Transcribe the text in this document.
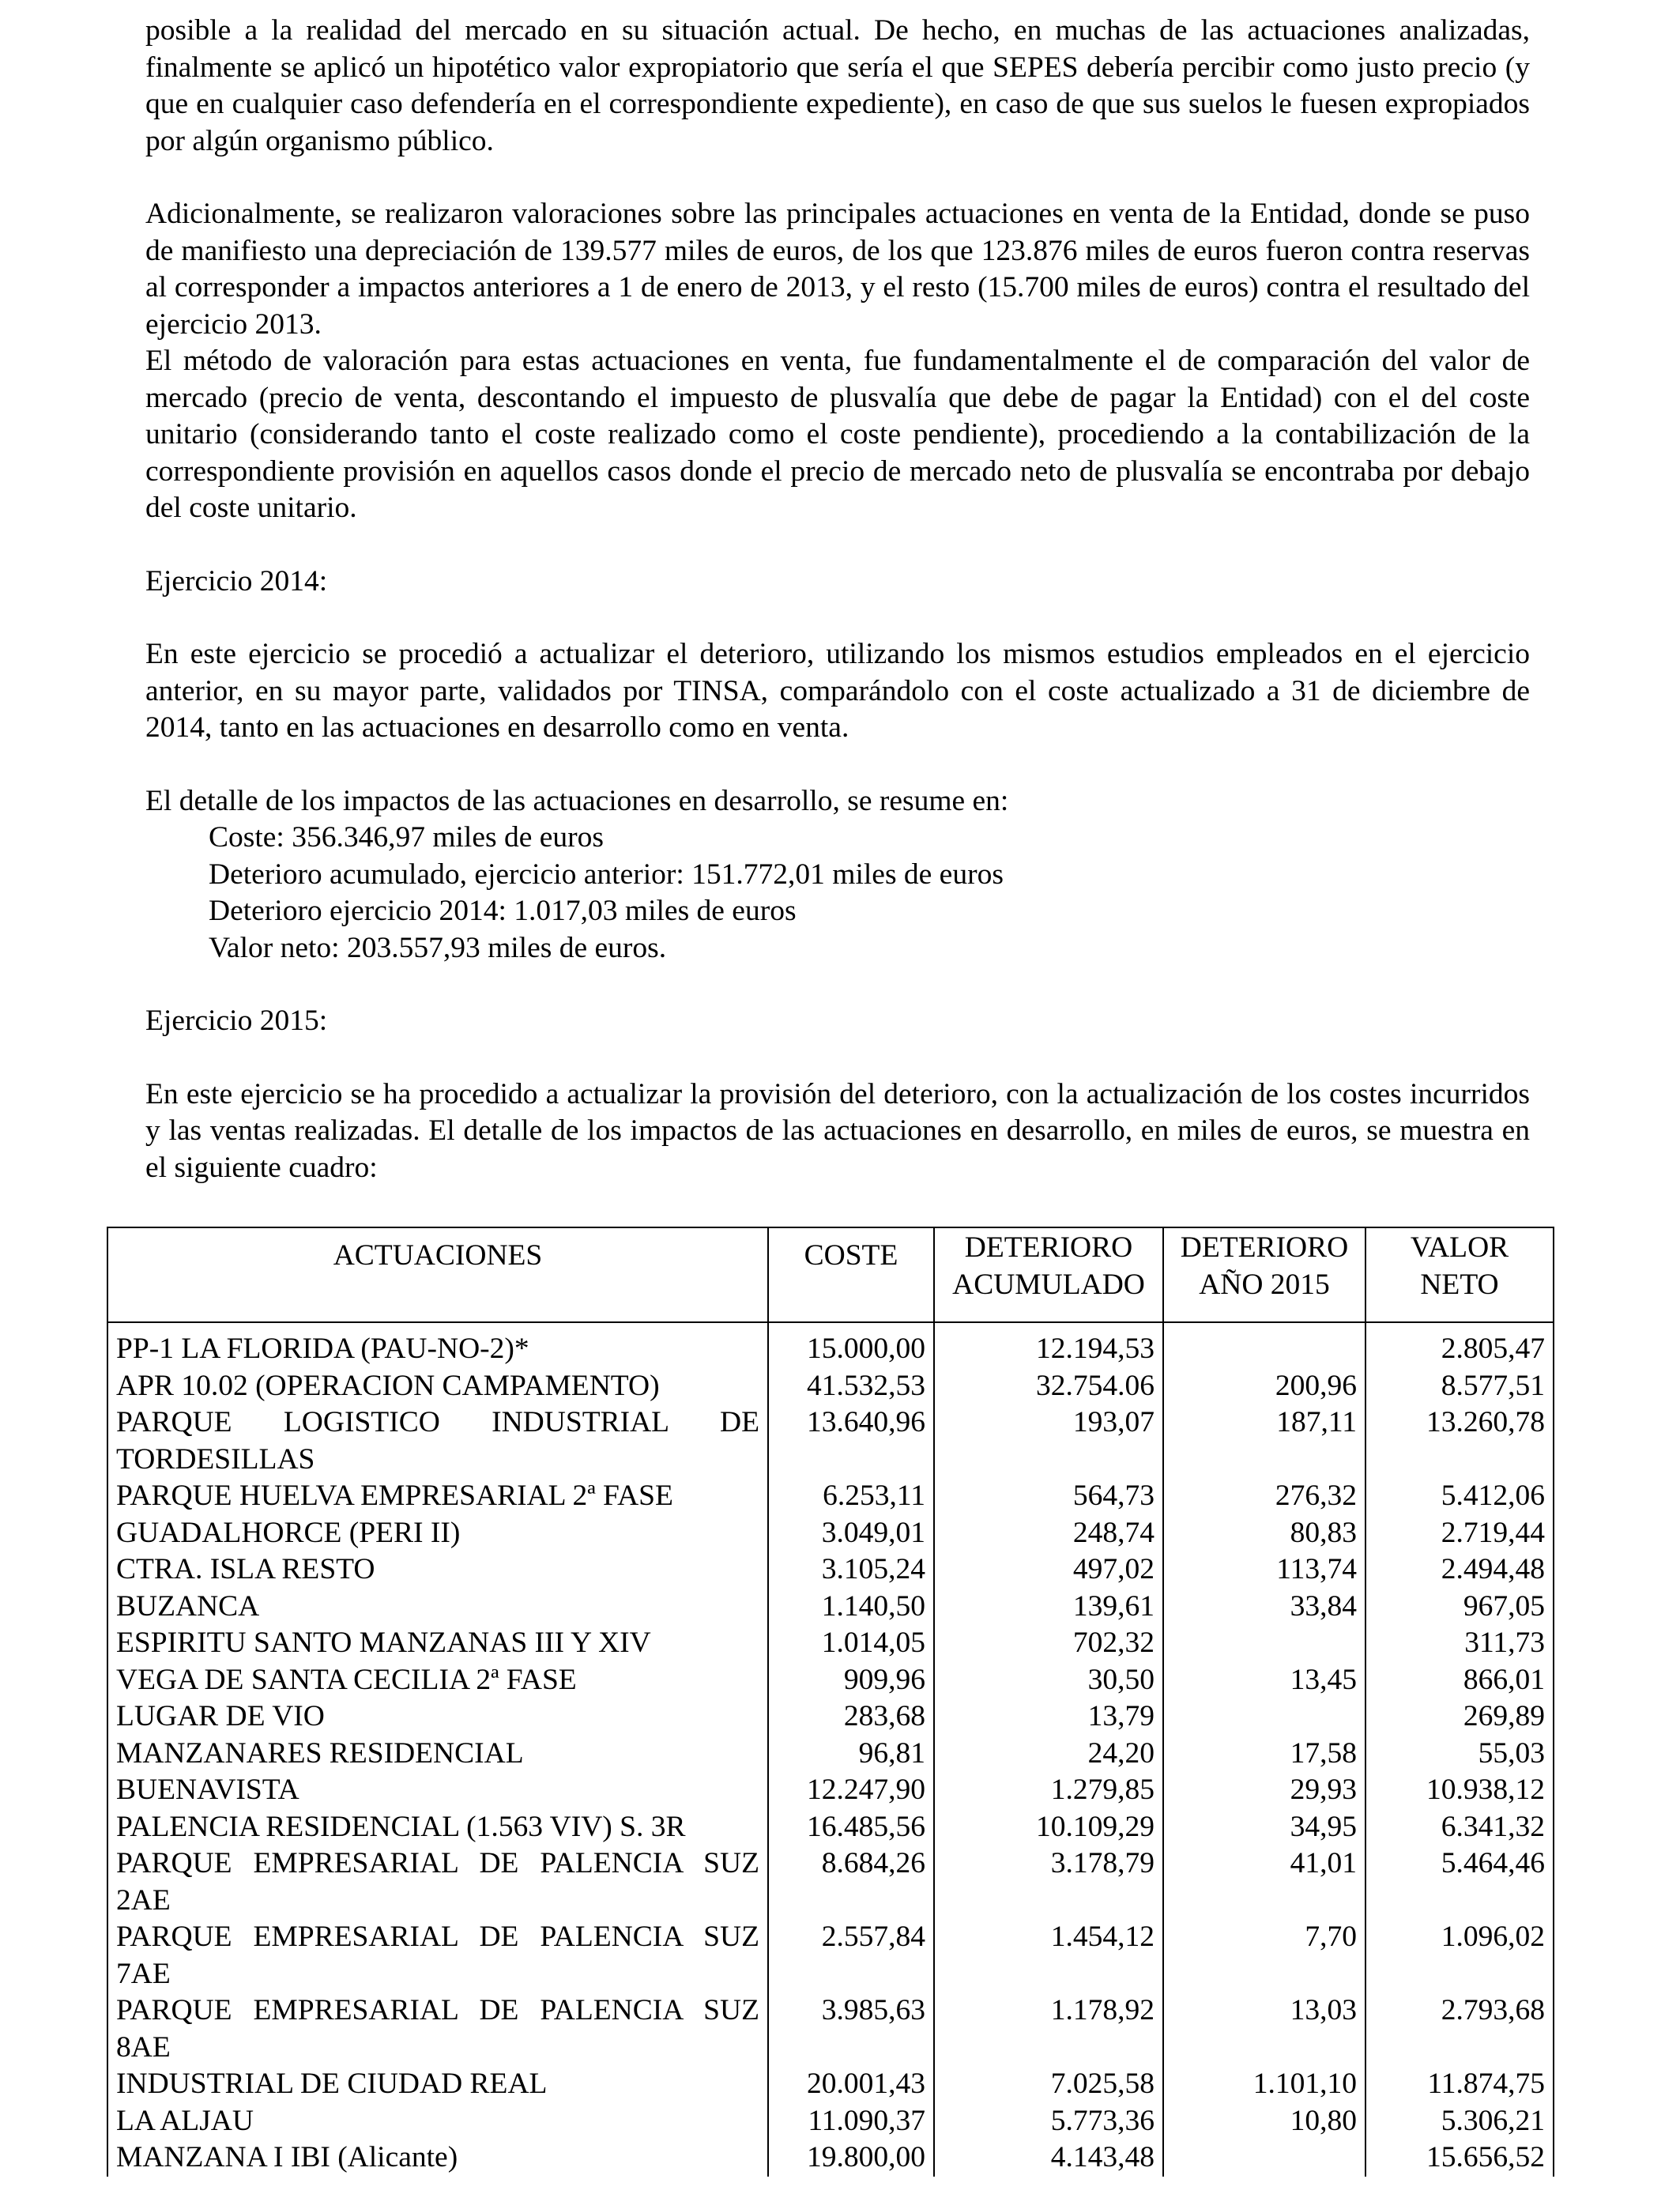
posible a la realidad del mercado en su situación actual. De hecho, en muchas de las actuaciones analizadas, finalmente se aplicó un hipotético valor expropiatorio que sería el que SEPES debería percibir como justo precio (y que en cualquier caso defendería en el correspondiente expediente), en caso de que sus suelos le fuesen expropiados por algún organismo público.

Adicionalmente, se realizaron valoraciones sobre las principales actuaciones en venta de la Entidad, donde se puso de manifiesto una depreciación de 139.577 miles de euros, de los que 123.876 miles de euros fueron contra reservas al corresponder a impactos anteriores a 1 de enero de 2013, y el resto (15.700 miles de euros) contra el resultado del ejercicio 2013.

El método de valoración para estas actuaciones en venta, fue fundamentalmente el de comparación del valor de mercado (precio de venta, descontando el impuesto de plusvalía que debe de pagar la Entidad) con el del coste unitario (considerando tanto el coste realizado como el coste pendiente), procediendo a la contabilización de la correspondiente provisión en aquellos casos donde el precio de mercado neto de plusvalía se encontraba por debajo del coste unitario.

Ejercicio 2014:

En este ejercicio se procedió a actualizar el deterioro, utilizando los mismos estudios empleados en el ejercicio anterior, en su mayor parte, validados por TINSA, comparándolo con el coste actualizado a 31 de diciembre de 2014, tanto en las actuaciones en desarrollo como en venta.

El detalle de los impactos de las actuaciones en desarrollo, se resume en:

Coste: 356.346,97 miles de euros

Deterioro acumulado, ejercicio anterior: 151.772,01 miles de euros

Deterioro ejercicio 2014: 1.017,03 miles de euros

Valor neto: 203.557,93 miles de euros.

Ejercicio 2015:

En este ejercicio se ha procedido a actualizar la provisión del deterioro, con la actualización de los costes incurridos y las ventas realizadas. El detalle de los impactos de las actuaciones en desarrollo, en miles de euros, se muestra en el siguiente cuadro:

ACTUACIONES	COSTE	DETERIORO ACUMULADO	DETERIORO AÑO 2015	VALOR NETO
PP-1 LA FLORIDA (PAU-NO-2)*	15.000,00	12.194,53		2.805,47
APR 10.02 (OPERACION CAMPAMENTO)	41.532,53	32.754.06	200,96	8.577,51
PARQUE LOGISTICO INDUSTRIAL DE TORDESILLAS	13.640,96	193,07	187,11	13.260,78
PARQUE HUELVA EMPRESARIAL 2ª FASE	6.253,11	564,73	276,32	5.412,06
GUADALHORCE (PERI II)	3.049,01	248,74	80,83	2.719,44
CTRA. ISLA RESTO	3.105,24	497,02	113,74	2.494,48
BUZANCA	1.140,50	139,61	33,84	967,05
ESPIRITU SANTO MANZANAS III Y XIV	1.014,05	702,32		311,73
VEGA DE SANTA CECILIA 2ª FASE	909,96	30,50	13,45	866,01
LUGAR DE VIO	283,68	13,79		269,89
MANZANARES RESIDENCIAL	96,81	24,20	17,58	55,03
BUENAVISTA	12.247,90	1.279,85	29,93	10.938,12
PALENCIA RESIDENCIAL (1.563 VIV) S. 3R	16.485,56	10.109,29	34,95	6.341,32
PARQUE EMPRESARIAL DE PALENCIA SUZ 2AE	8.684,26	3.178,79	41,01	5.464,46
PARQUE EMPRESARIAL DE PALENCIA SUZ 7AE	2.557,84	1.454,12	7,70	1.096,02
PARQUE EMPRESARIAL DE PALENCIA SUZ 8AE	3.985,63	1.178,92	13,03	2.793,68
INDUSTRIAL DE CIUDAD REAL	20.001,43	7.025,58	1.101,10	11.874,75
LA ALJAU	11.090,37	5.773,36	10,80	5.306,21
MANZANA I IBI (Alicante)	19.800,00	4.143,48		15.656,52
